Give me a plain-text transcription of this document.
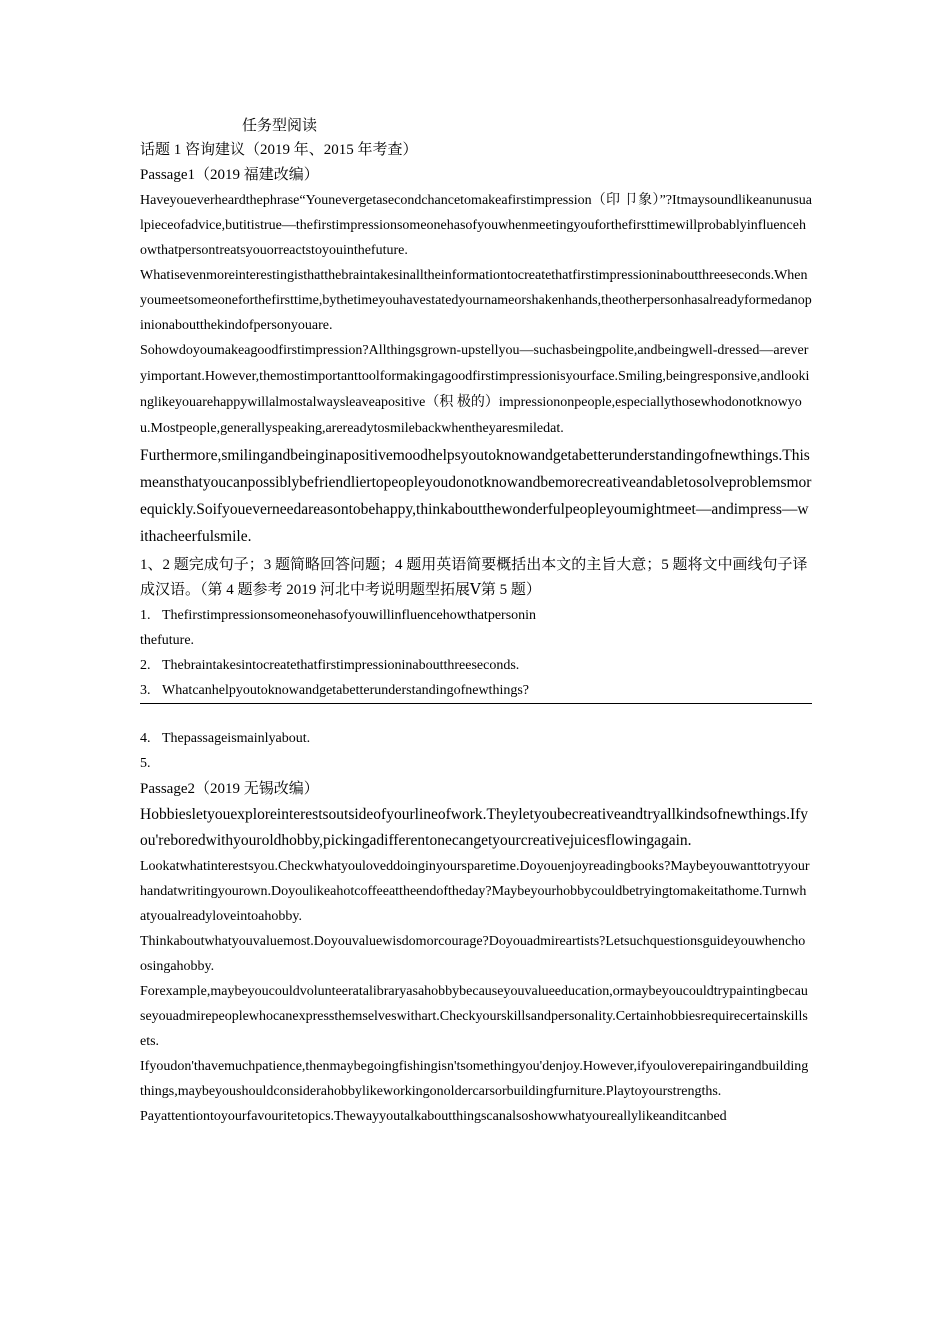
任务型阅读

话题 1 咨询建议（2019 年、2015 年考查）

Passage1（2019 福建改编）

Haveyoueverheardthephrase“Younevergetasecondchancetomakeafirstimpression（印 卩象）”?Itmaysoundlikeanunusualpieceofadvice,butitistrue—thefirstimpressionsomeonehasofyouwhenmeetingyouforthefirsttimewillprobablyinfluencehowthatpersontreatsyouorreactstoyouinthefuture.

Whatisevenmoreinterestingisthatthebraintakesinalltheinformationtocreatethatfirstimpressioninaboutthreeseconds.Whenyoumeetsomeoneforthefirsttime,bythetimeyouhavestatedyournameorshakenhands,theotherpersonhasalreadyformedanopinionaboutthekindofpersonyouare.

Sohowdoyoumakeagoodfirstimpression?Allthingsgrown-upstellyou—suchasbeingpolite,andbeingwell-dressed—areveryimportant.However,themostimportanttoolformakingagoodfirstimpressionisyourface.Smiling,beingresponsive,andlookinglikeyouarehappywillalmostalwaysleaveapositive（积 极的）impressiononpeople,especiallythosewhodonotknowyou.Mostpeople,generallyspeaking,arereadytosmilebackwhentheyaresmiledat.

Furthermore,smilingandbeinginapositivemoodhelpsyoutoknowandgetabetterunderstandingofnewthings.Thismeansthatyoucanpossiblybefriendliertopeopleyoudonotknowandbemorecreativeandabletosolveproblemsmorequickly.Soifyoueverneedareasontobehappy,thinkaboutthewonderfulpeopleyoumightmeet—andimpress—withacheerfulsmile.

1、2 题完成句子；3 题简略回答问题；4 题用英语简要概括出本文的主旨大意；5 题将文中画线句子译成汉语。（第 4 题参考 2019 河北中考说明题型拓展Ⅴ第 5 题）

1. Thefirstimpressionsomeonehasofyouwillinfluencehowthatpersonin
thefuture.
2. Thebraintakesintocreatethatfirstimpressioninaboutthreeseconds.
3. Whatcanhelpyoutoknowandgetabetterunderstandingofnewthings?
4. Thepassageismainlyabout.
5.

Passage2（2019 无锡改编）

Hobbiesletyouexploreinterestsoutsideofyourlineofwork.Theyletyoubecreativeandtryallkindsofnewthings.Ifyou'reboredwithyouroldhobby,pickingadifferentonecangetyourcreativejuicesflowingagain.

Lookatwhatinterestsyou.Checkwhatyouloveddoinginyoursparetime.Doyouenjoyreadingbooks?Maybeyouwanttotryyourhandatwritingyourown.Doyoulikeahotcoffeeattheendoftheday?Maybeyourhobbycouldbetryingtomakeitathome.Turnwhatyoualreadyloveintoahobby.

Thinkaboutwhatyouvaluemost.Doyouvaluewisdomorcourage?Doyouadmireartists?Letsuchquestionsguideyouwhenchoosingahobby.

Forexample,maybeyoucouldvolunteeratalibraryasahobbybecauseyouvalueeducation,ormaybeyoucouldtrypaintingbecauseyouadmirepeoplewhocanexpressthemselveswithart.Checkyourskillsandpersonality.Certainhobbiesrequirecertainskillsets.

Ifyoudon'thavemuchpatience,thenmaybegoingfishingisn'tsomethingyou'denjoy.However,ifyouloverepairingandbuildingthings,maybeyoushouldconsiderahobbylikeworkingonoldercarsorbuildingfurniture.Playtoyourstrengths.

Payattentiontoyourfavouritetopics.Thewayyoutalkaboutthingscanalsoshowwhatyoureallylikeanditcanbed
